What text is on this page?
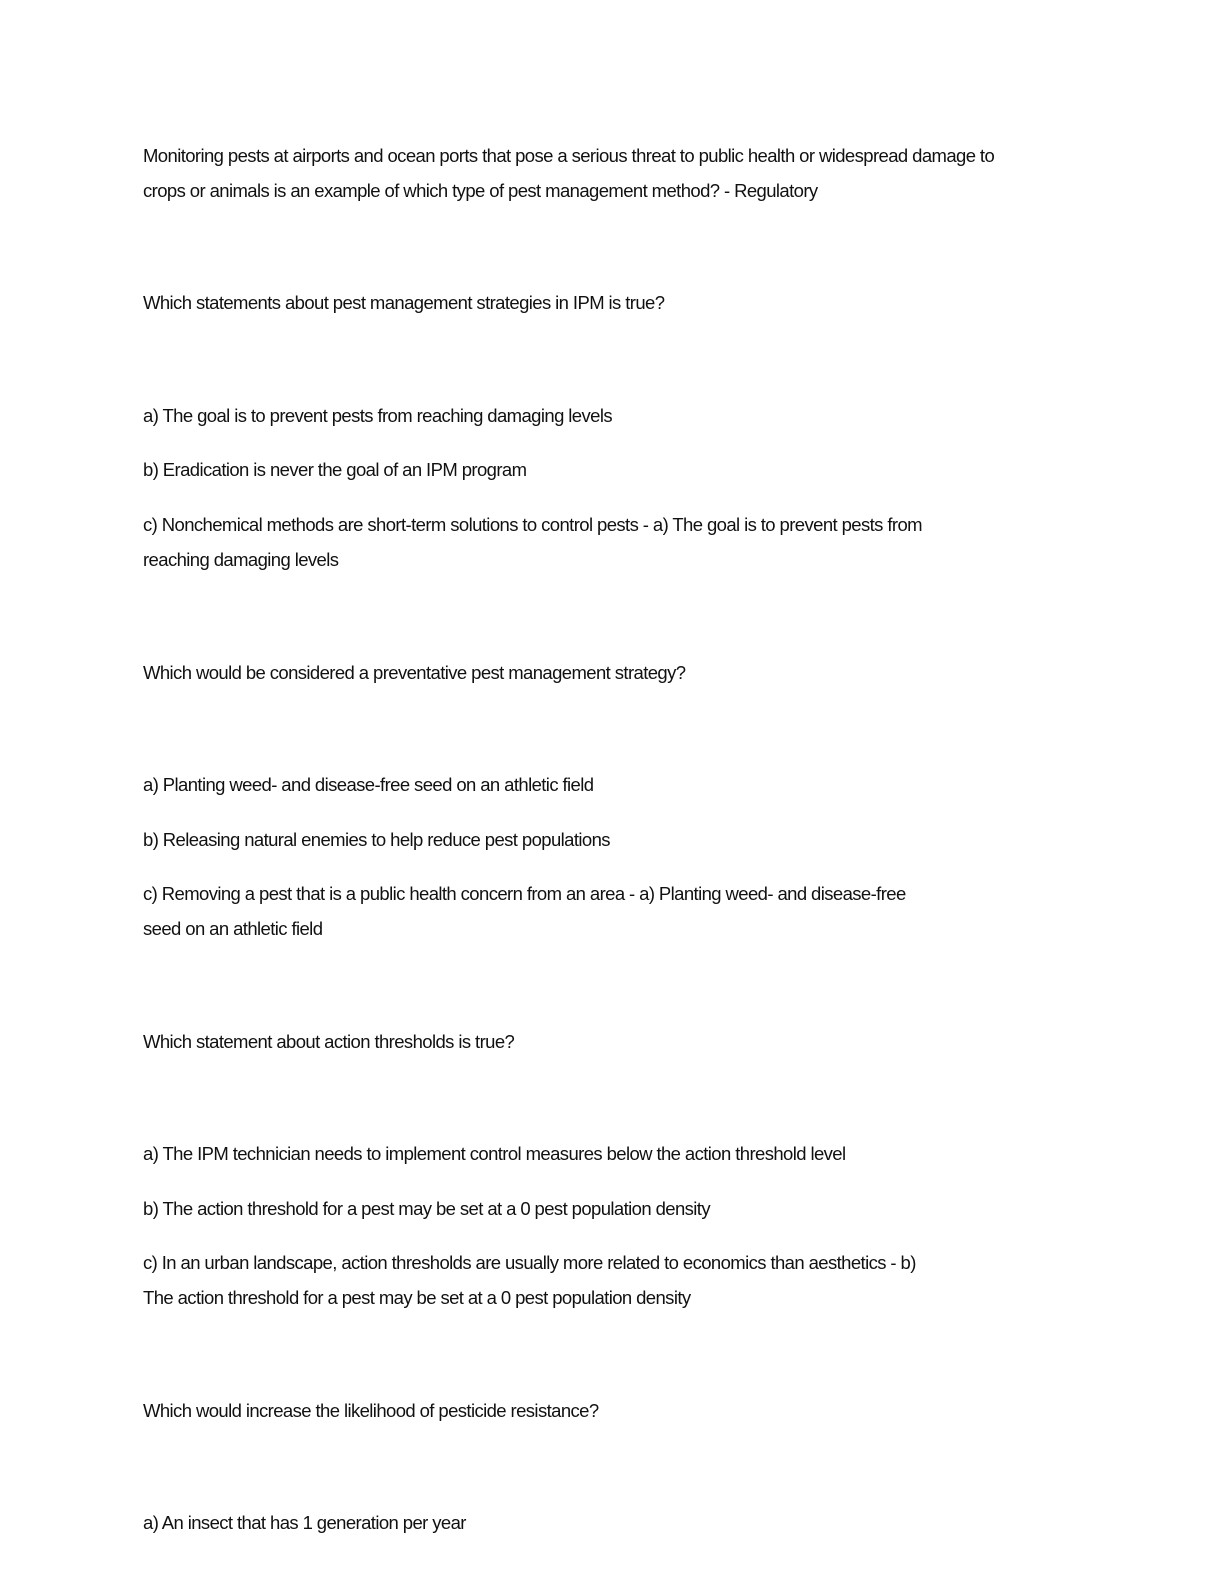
Monitoring pests at airports and ocean ports that pose a serious threat to public health or widespread damage to
crops or animals is an example of which type of pest management method? - Regulatory
Which statements about pest management strategies in IPM is true?
a) The goal is to prevent pests from reaching damaging levels
b) Eradication is never the goal of an IPM program
c) Nonchemical methods are short-term solutions to control pests - a) The goal is to prevent pests from
reaching damaging levels
Which would be considered a preventative pest management strategy?
a) Planting weed- and disease-free seed on an athletic field
b) Releasing natural enemies to help reduce pest populations
c) Removing a pest that is a public health concern from an area - a) Planting weed- and disease-free
seed on an athletic field
Which statement about action thresholds is true?
a) The IPM technician needs to implement control measures below the action threshold level
b) The action threshold for a pest may be set at a 0 pest population density
c) In an urban landscape, action thresholds are usually more related to economics than aesthetics - b)
The action threshold for a pest may be set at a 0 pest population density
Which would increase the likelihood of pesticide resistance?
a) An insect that has 1 generation per year
